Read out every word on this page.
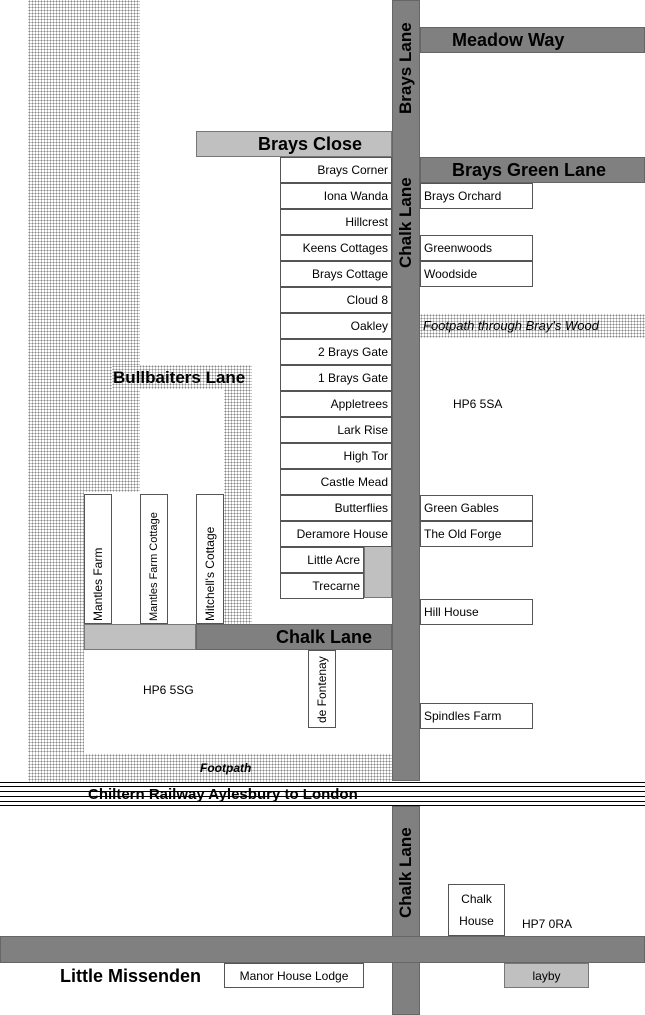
Meadow Way
Brays Green Lane
Brays Close
Brays Lane
Chalk Lane
Chalk Lane
Chalk Lane
Bullbaiters Lane
Little Missenden
Brays Corner
Iona Wanda
Hillcrest
Keens Cottages
Brays Cottage
Cloud 8
Oakley
2 Brays Gate
1 Brays Gate
Appletrees
Lark Rise
High Tor
Castle Mead
Butterflies
Deramore House
Little Acre
Trecarne
Brays Orchard
Greenwoods
Woodside
Green Gables
The Old Forge
Hill House
Spindles Farm
Mantles Farm	Mantles Farm Cottage	Mitchell's Cottage
de Fontenay
Footpath through Bray's Wood
Footpath
HP6 5SA
HP6 5SG
HP7 0RA
Chiltern Railway Aylesbury to London
Chalk
House
Manor House Lodge	layby
